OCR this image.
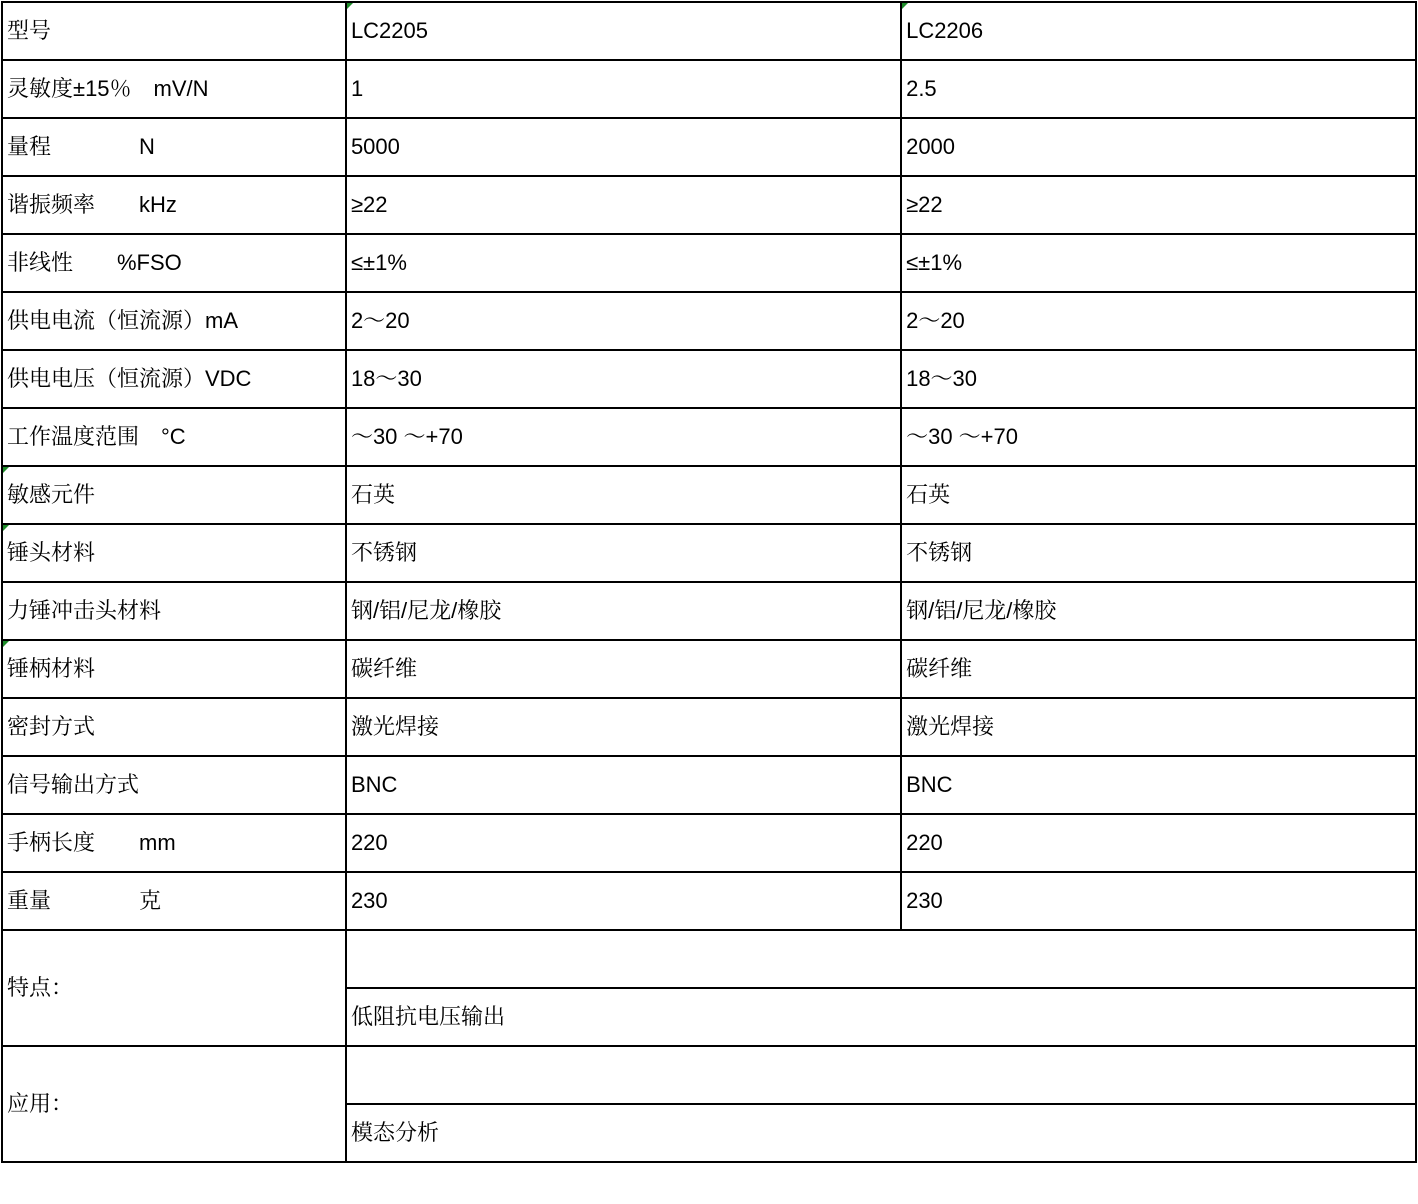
型号	LC2205	LC2206
灵敏度±15％　mV/N	1	2.5
量程　　　　N	5000	2000
谐振频率　　kHz	≥22	≥22
非线性　　%FSO	≤±1%	≤±1%
供电电流（恒流源）mA	2～20	2～20
供电电压（恒流源）VDC	18～30	18～30
工作温度范围　°C	～30 ～+70	～30 ～+70
敏感元件	石英	石英
锤头材料	不锈钢	不锈钢
力锤冲击头材料	钢/铝/尼龙/橡胶	钢/铝/尼龙/橡胶
锤柄材料	碳纤维	碳纤维
密封方式	激光焊接	激光焊接
信号输出方式	BNC	BNC
手柄长度　　mm	220	220
重量　　　　克	230	230
特点：		
	低阻抗电压输出	
应用：		
	模态分析	
